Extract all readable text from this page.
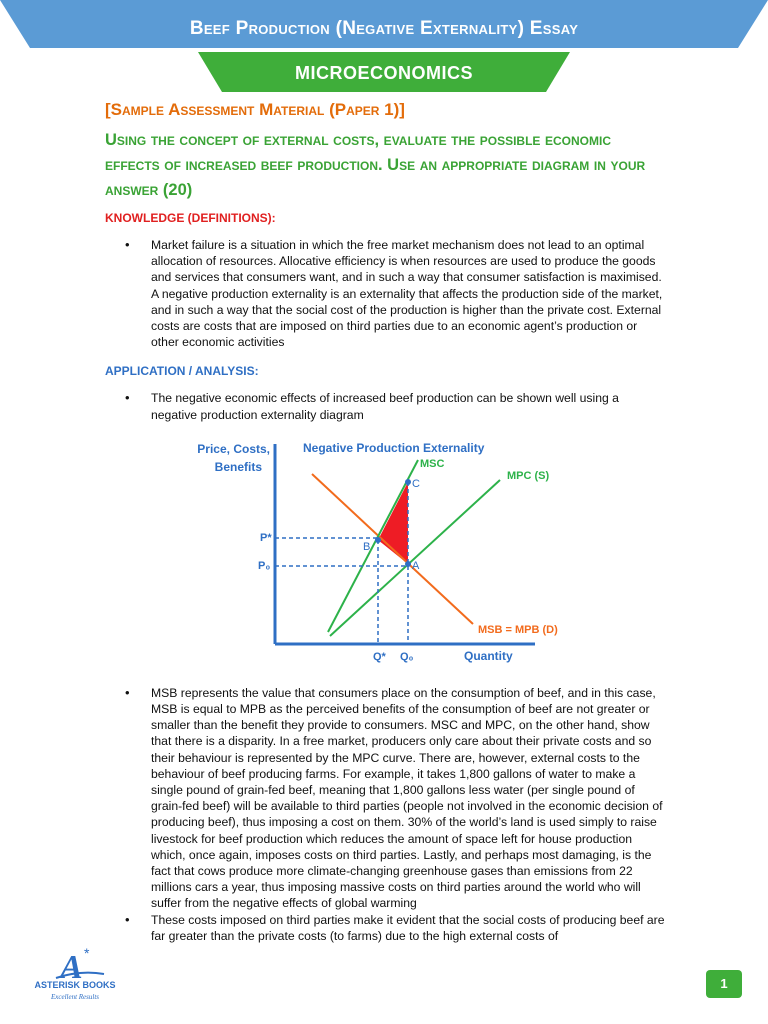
Beef Production (Negative Externality) Essay
MICROECONOMICS
[Sample Assessment Material (Paper 1)]
Using the concept of external costs, evaluate the possible economic effects of increased beef production. Use an appropriate diagram in your answer (20)
KNOWLEDGE (DEFINITIONS):
• Market failure is a situation in which the free market mechanism does not lead to an optimal allocation of resources. Allocative efficiency is when resources are used to produce the goods and services that consumers want, and in such a way that consumer satisfaction is maximised. A negative production externality is an externality that affects the production side of the market, and in such a way that the social cost of the production is higher than the private cost. External costs are costs that are imposed on third parties due to an economic agent’s production or other economic activities
APPLICATION / ANALYSIS:
• The negative economic effects of increased beef production can be shown well using a negative production externality diagram
• MSB represents the value that consumers place on the consumption of beef, and in this case, MSB is equal to MPB as the perceived benefits of the consumption of beef are not greater or smaller than the benefit they provide to consumers. MSC and MPC, on the other hand, show that there is a disparity. In a free market, producers only care about their private costs and so their behaviour is represented by the MPC curve. There are, however, external costs to the behaviour of beef producing farms. For example, it takes 1,800 gallons of water to make a single pound of grain-fed beef, meaning that 1,800 gallons less water (per single pound of grain-fed beef) will be available to third parties (people not involved in the economic decision of producing beef), thus imposing a cost on them. 30% of the world’s land is used simply to raise livestock for beef production which reduces the amount of space left for house production which, once again, imposes costs on third parties. Lastly, and perhaps most damaging, is the fact that cows produce more climate-changing greenhouse gases than emissions from 22 millions cars a year, thus imposing massive costs on third parties around the world who will suffer from the negative effects of global warming
• These costs imposed on third parties make it evident that the social costs of producing beef are far greater than the private costs (to farms) due to the high external costs of
Negative Production Externality
Price, Costs,
Benefits
Quantity
MSC
MPC (S)
MSB = MPB (D)
P*
P₀
Q* Q₀
B
C
A
A *
ASTERISK BOOKS
Excellent Results
1
